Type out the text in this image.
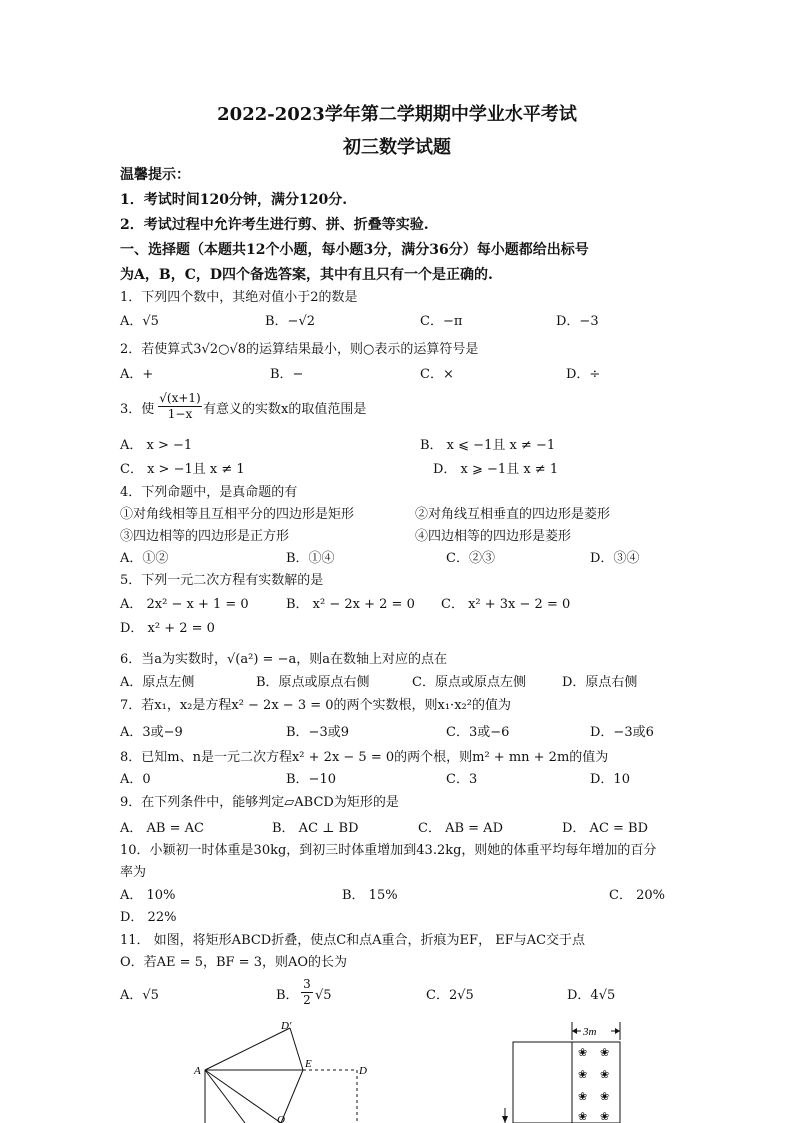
2022-2023学年第二学期期中学业水平考试
初三数学试题
温馨提示：
1．考试时间120分钟，满分120分.
2．考试过程中允许考生进行剪、拼、折叠等实验.
一、选择题（本题共12个小题，每小题3分，满分36分）每小题都给出标号
为A，B，C，D四个备选答案，其中有且只有一个是正确的.
1．下列四个数中，其绝对值小于2的数是
A．√5	B．−√2	C．−π	D．−3
2．若使算式3√2○√8的运算结果最小，则○表示的运算符号是
A．+	B．−	C．×	D．÷
3．使 $\frac{√(x+1)}{1-x}$ 有意义的实数x的取值范围是
A． x > −1	B． x ⩽ −1且 x ≠ −1
C． x > −1且 x ≠ 1	D． x ⩾ −1且 x ≠ 1
4．下列命题中，是真命题的有
①对角线相等且互相平分的四边形是矩形	②对角线互相垂直的四边形是菱形
③四边相等的四边形是正方形	④四边相等的四边形是菱形
A．①②	B．①④	C．②③	D．③④
5．下列一元二次方程有实数解的是
A． 2x² − x + 1 = 0	B． x² − 2x + 2 = 0 C． x² + 3x − 2 = 0
D． x² + 2 = 0
6．当a为实数时，√(a²) = −a，则a在数轴上对应的点在
A．原点左侧	B．原点或原点右侧	C．原点或原点左侧	D．原点右侧
7．若x₁，x₂是方程x² − 2x − 3 = 0的两个实数根，则x₁·x₂²的值为
A．3或−9	B．−3或9	C．3或−6	D．−3或6
8．已知m、n是一元二次方程x² + 2x − 5 = 0的两个根，则m² + mn + 2m的值为
A．0	B．−10	C．3	D．10
9．在下列条件中，能够判定▱ABCD为矩形的是
A． AB = AC	B． AC ⊥ BD	C． AB = AD	D． AC = BD
10．小颖初一时体重是30kg，到初三时体重增加到43.2kg，则她的体重平均每年增加的百分
率为
A． 10%	B． 15%	C． 20%
D． 22%
11． 如图，将矩形ABCD折叠，使点C和点A重合，折痕为EF， EF与AC交于点
O．若AE = 5，BF = 3，则AO的长为
A．√5	B． $\frac{3}{2} √5$	C．2√5	D．4√5
D′
A
E
D
O
3m
❀ ❀
❀ ❀
❀ ❀
❀ ❀
